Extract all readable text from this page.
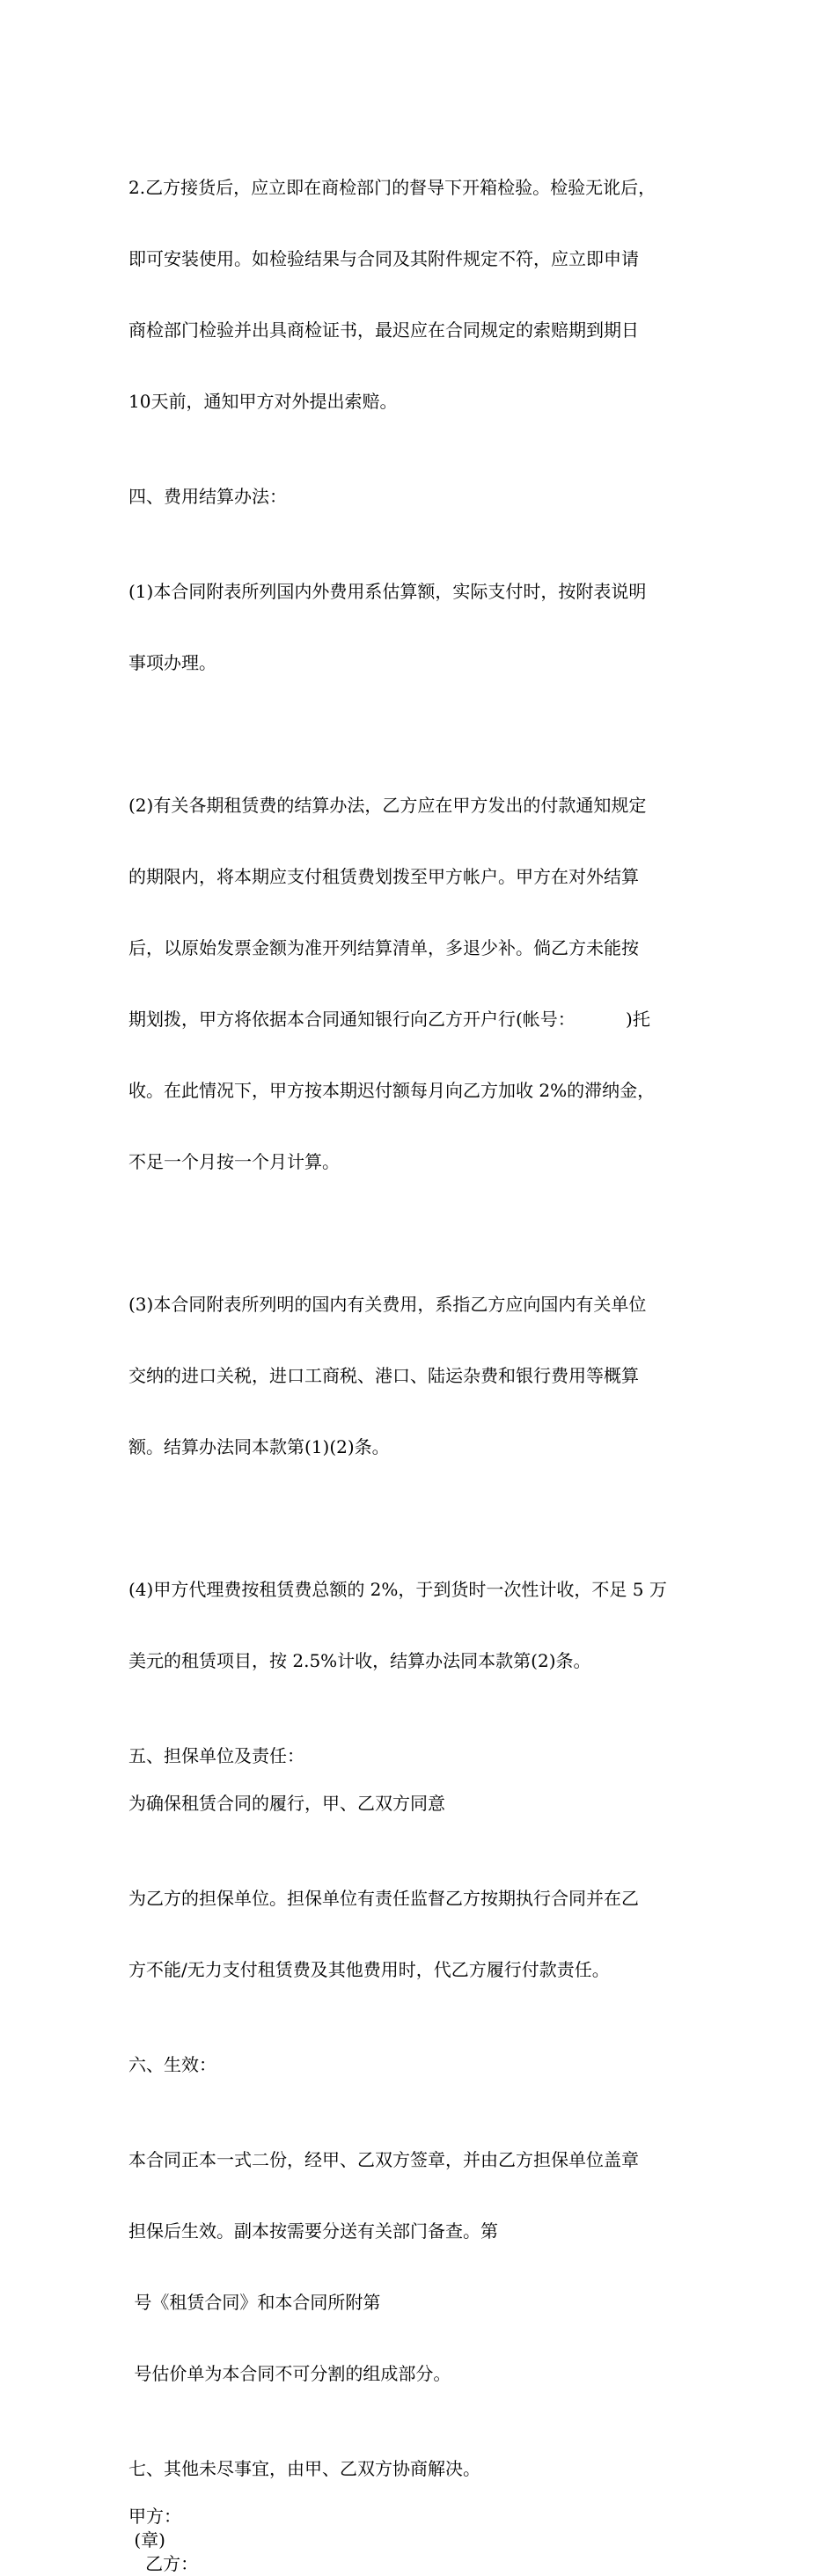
2.乙方接货后，应立即在商检部门的督导下开箱检验。检验无讹后，

即可安装使用。如检验结果与合同及其附件规定不符，应立即申请

商检部门检验并出具商检证书，最迟应在合同规定的索赔期到期日

10天前，通知甲方对外提出索赔。

四、费用结算办法：

(1)本合同附表所列国内外费用系估算额，实际支付时，按附表说明

事项办理。

(2)有关各期租赁费的结算办法，乙方应在甲方发出的付款通知规定

的期限内，将本期应支付租赁费划拨至甲方帐户。甲方在对外结算

后，以原始发票金额为准开列结算清单，多退少补。倘乙方未能按

期划拨，甲方将依据本合同通知银行向乙方开户行(帐号：         )托

收。在此情况下，甲方按本期迟付额每月向乙方加收 2%的滞纳金，

不足一个月按一个月计算。

(3)本合同附表所列明的国内有关费用，系指乙方应向国内有关单位

交纳的进口关税，进口工商税、港口、陆运杂费和银行费用等概算

额。结算办法同本款第(1)(2)条。

(4)甲方代理费按租赁费总额的 2%，于到货时一次性计收，不足 5 万

美元的租赁项目，按 2.5%计收，结算办法同本款第(2)条。

五、担保单位及责任：
为确保租赁合同的履行，甲、乙双方同意

为乙方的担保单位。担保单位有责任监督乙方按期执行合同并在乙

方不能/无力支付租赁费及其他费用时，代乙方履行付款责任。

六、生效：

本合同正本一式二份，经甲、乙双方签章，并由乙方担保单位盖章

担保后生效。副本按需要分送有关部门备查。第

号《租赁合同》和本合同所附第

号估价单为本合同不可分割的组成部分。

七、其他未尽事宜，由甲、乙双方协商解决。
甲方：
(章)
乙方：
